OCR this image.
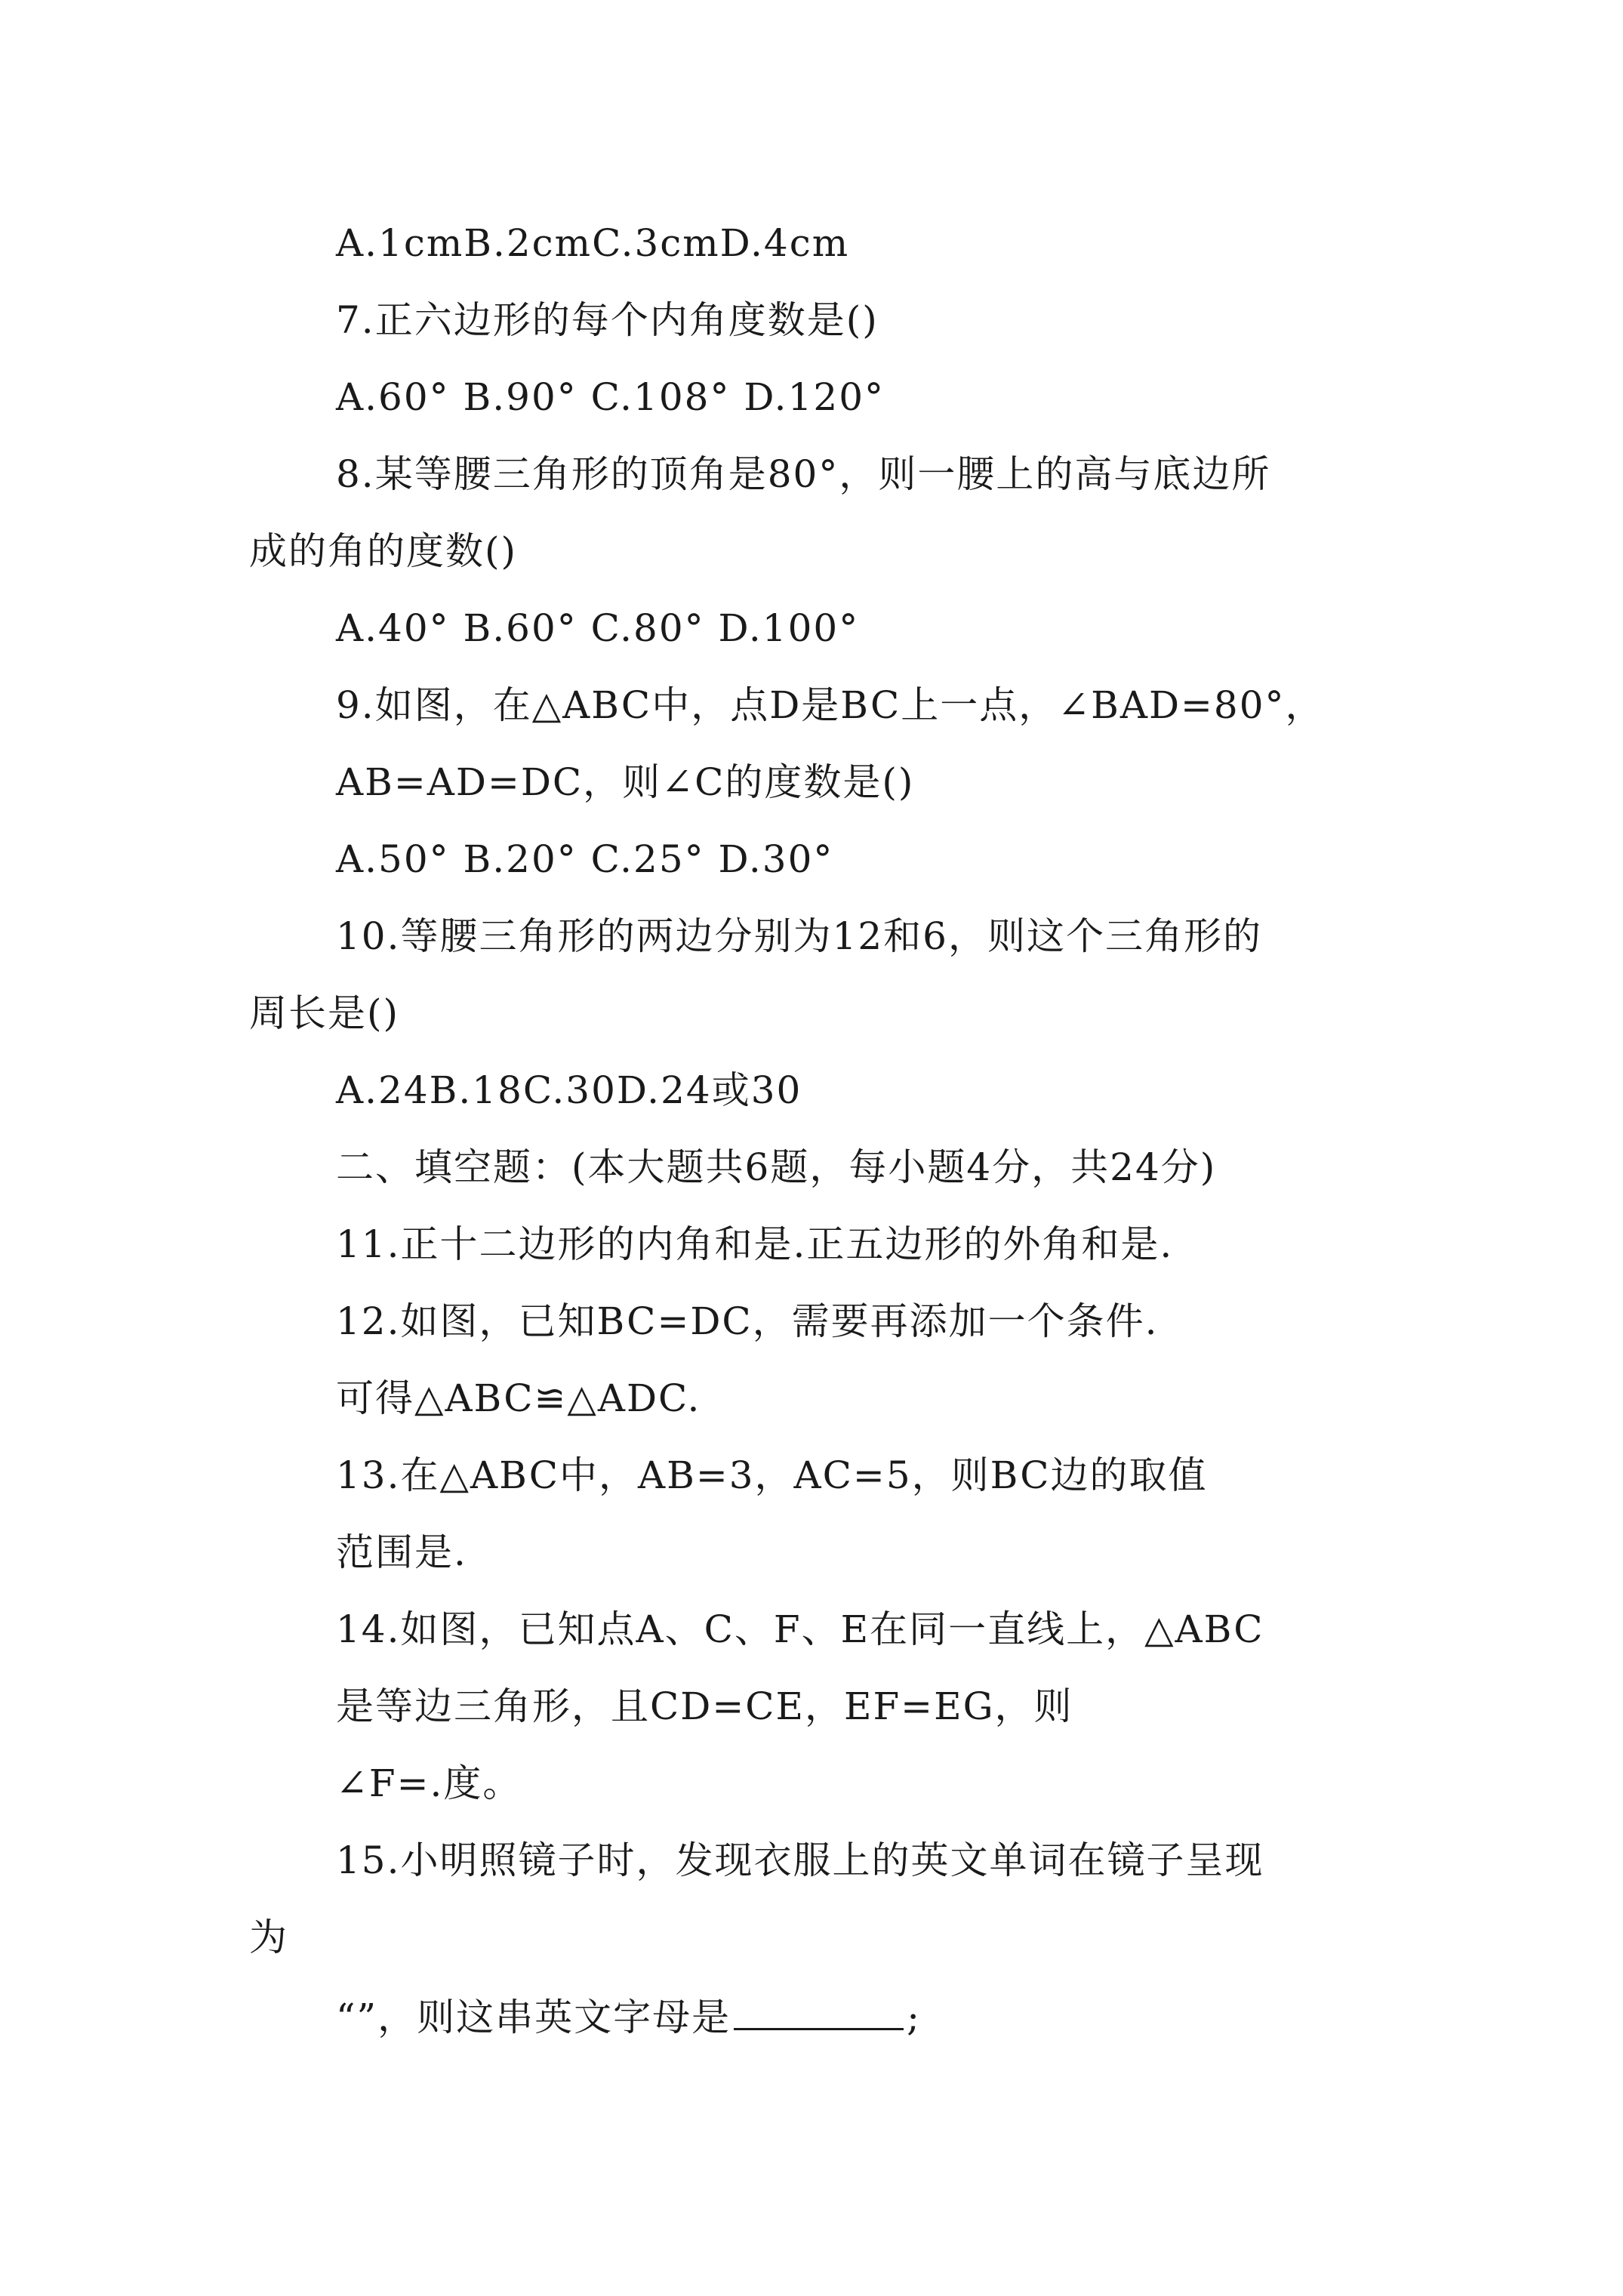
A.1cmB.2cmC.3cmD.4cm
7.正六边形的每个内角度数是()
A.60° B.90° C.108° D.120°
8.某等腰三角形的顶角是80°，则一腰上的高与底边所
成的角的度数()
A.40° B.60° C.80° D.100°
9.如图，在△ABC中，点D是BC上一点，∠BAD=80°，
AB=AD=DC，则∠C的度数是()
A.50° B.20° C.25° D.30°
10.等腰三角形的两边分别为12和6，则这个三角形的
周长是()
A.24B.18C.30D.24或30
二、填空题：(本大题共6题，每小题4分，共24分)
11.正十二边形的内角和是.正五边形的外角和是.
12.如图，已知BC=DC，需要再添加一个条件.
可得△ABC≌△ADC.
13.在△ABC中，AB=3，AC=5，则BC边的取值
范围是.
14.如图，已知点A、C、F、E在同一直线上，△ABC
是等边三角形，且CD=CE，EF=EG，则
∠F=.度。
15.小明照镜子时，发现衣服上的英文单词在镜子呈现
为
“”，则这串英文字母是	;
